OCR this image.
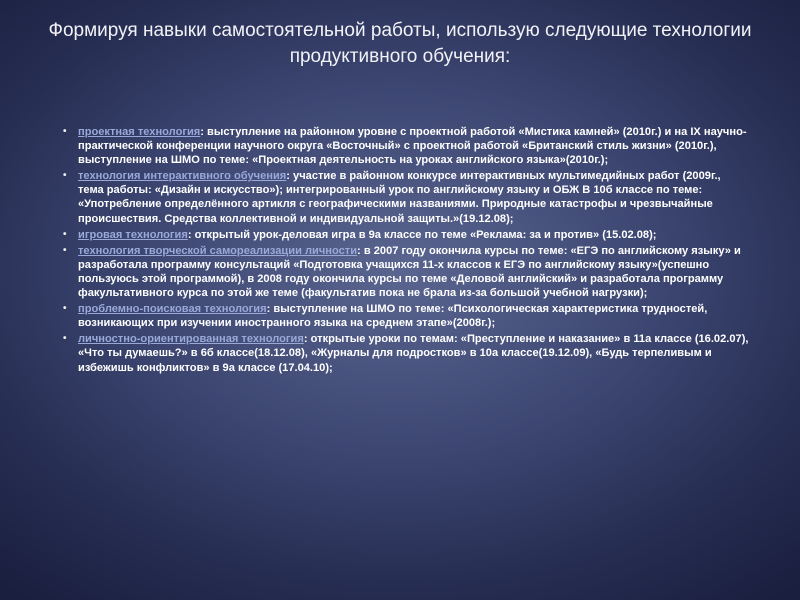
Формируя навыки самостоятельной работы, использую следующие технологии продуктивного обучения:
• проектная технология: выступление на районном уровне с проектной работой «Мистика камней» (2010г.) и на IX научно-практической конференции научного округа «Восточный» с проектной работой «Британский стиль жизни» (2010г.), выступление на ШМО по теме: «Проектная деятельность на уроках английского языка»(2010г.);
• технология интерактивного обучения: участие в районном конкурсе интерактивных мультимедийных работ (2009г., тема работы: «Дизайн и искусство»); интегрированный урок по английскому языку и ОБЖ В 10б классе по теме: «Употребление определённого артикля с географическими названиями. Природные катастрофы и чрезвычайные происшествия. Средства коллективной и индивидуальной защиты.»(19.12.08);
• игровая технология: открытый урок-деловая игра в 9а классе по теме «Реклама: за и против» (15.02.08);
• технология творческой самореализации личности: в 2007 году окончила курсы по теме: «ЕГЭ по английскому языку» и разработала программу консультаций «Подготовка учащихся 11-х классов к ЕГЭ по английскому языку»(успешно пользуюсь этой программой), в 2008 году окончила курсы по теме «Деловой английский» и разработала программу факультативного курса по этой же теме (факультатив пока не брала из-за большой учебной нагрузки);
• проблемно-поисковая технология: выступление на ШМО по теме: «Психологическая характеристика трудностей, возникающих при изучении иностранного языка на среднем этапе»(2008г.);
• личностно-ориентированная технология: открытые уроки по темам: «Преступление и наказание» в 11а классе (16.02.07), «Что ты думаешь?» в 6б классе(18.12.08), «Журналы для подростков» в 10а классе(19.12.09), «Будь терпеливым и избежишь конфликтов» в 9а классе (17.04.10);
